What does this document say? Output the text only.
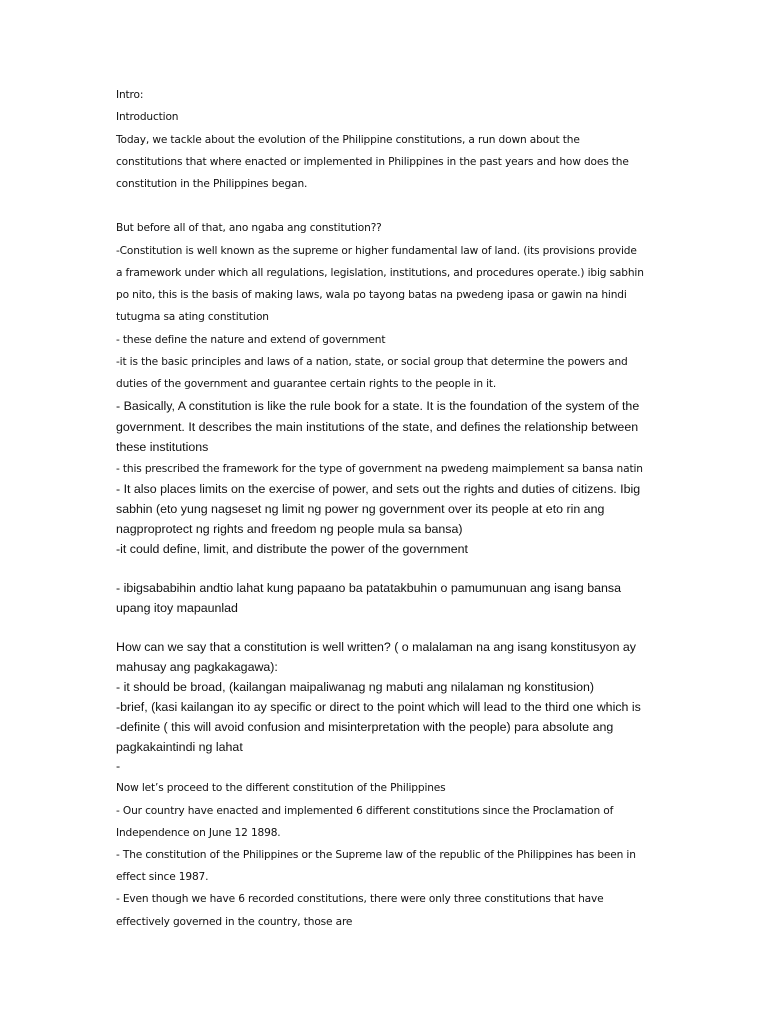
Intro:
Introduction
Today, we tackle about the evolution of the Philippine constitutions, a run down about the
constitutions that where enacted or implemented in Philippines in the past years and how does the
constitution in the Philippines began.
But before all of that, ano ngaba ang constitution??
-Constitution is well known as the supreme or higher fundamental law of land. (its provisions provide
a framework under which all regulations, legislation, institutions, and procedures operate.) ibig sabhin
po nito, this is the basis of making laws, wala po tayong batas na pwedeng ipasa or gawin na hindi
tutugma sa ating constitution
- these define the nature and extend of government
-it is the basic principles and laws of a nation, state, or social group that determine the powers and
duties of the government and guarantee certain rights to the people in it.
- Basically, A constitution is like the rule book for a state. It is the foundation of the system of the
government. It describes the main institutions of the state, and defines the relationship between
these institutions
- this prescribed the framework for the type of government na pwedeng maimplement sa bansa natin
- It also places limits on the exercise of power, and sets out the rights and duties of citizens. Ibig
sabhin (eto yung nagseset ng limit ng power ng government over its people at eto rin ang
nagproprotect ng rights and freedom ng people mula sa bansa)
-it could define, limit, and distribute the power of the government
- ibigsababihin andtio lahat kung papaano ba patatakbuhin o pamumunuan ang isang bansa
upang itoy mapaunlad
How can we say that a constitution is well written? ( o malalaman na ang isang konstitusyon ay
mahusay ang pagkakagawa):
- it should be broad, (kailangan maipaliwanag ng mabuti ang nilalaman ng konstitusion)
-brief, (kasi kailangan ito ay specific or direct to the point which will lead to the third one which is
-definite ( this will avoid confusion and misinterpretation with the people) para absolute ang
pagkakaintindi ng lahat
-
Now let’s proceed to the different constitution of the Philippines
- Our country have enacted and implemented 6 different constitutions since the Proclamation of
Independence on June 12 1898.
- The constitution of the Philippines or the Supreme law of the republic of the Philippines has been in
effect since 1987.
- Even though we have 6 recorded constitutions, there were only three constitutions that have
effectively governed in the country, those are
